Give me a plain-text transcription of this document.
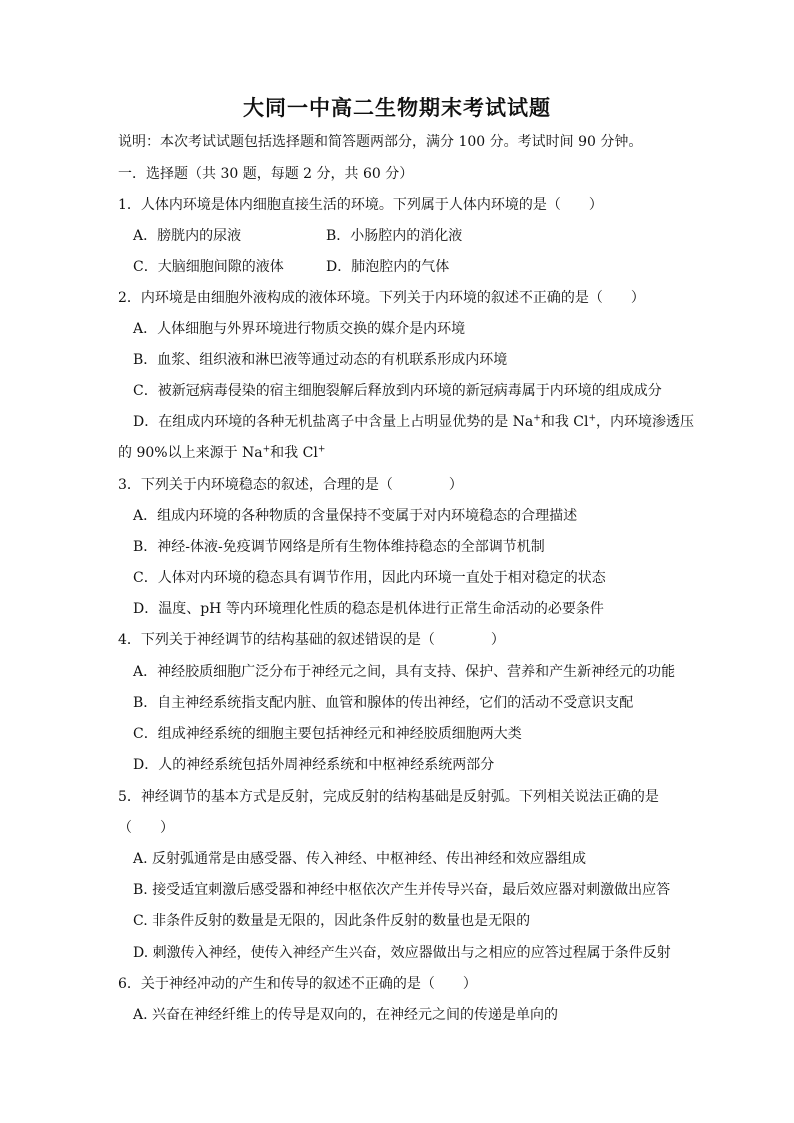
大同一中高二生物期末考试试题
说明：本次考试试题包括选择题和简答题两部分，满分 100 分。考试时间 90 分钟。
一．选择题（共 30 题，每题 2 分，共 60 分）
1．人体内环境是体内细胞直接生活的环境。下列属于人体内环境的是（　　）
A．膀胱内的尿液	B．小肠腔内的消化液
C．大脑细胞间隙的液体	D．肺泡腔内的气体
2．内环境是由细胞外液构成的液体环境。下列关于内环境的叙述不正确的是（　　）
A．人体细胞与外界环境进行物质交换的媒介是内环境
B．血浆、组织液和淋巴液等通过动态的有机联系形成内环境
C．被新冠病毒侵染的宿主细胞裂解后释放到内环境的新冠病毒属于内环境的组成成分
D．在组成内环境的各种无机盐离子中含量上占明显优势的是 Na+和我 Cl+，内环境渗透压
的 90%以上来源于 Na+和我 Cl+
3．下列关于内环境稳态的叙述，合理的是（　　　　）
A．组成内环境的各种物质的含量保持不变属于对内环境稳态的合理描述
B．神经-体液-免疫调节网络是所有生物体维持稳态的全部调节机制
C．人体对内环境的稳态具有调节作用，因此内环境一直处于相对稳定的状态
D．温度、pH 等内环境理化性质的稳态是机体进行正常生命活动的必要条件
4．下列关于神经调节的结构基础的叙述错误的是（　　　　）
A．神经胶质细胞广泛分布于神经元之间，具有支持、保护、营养和产生新神经元的功能
B．自主神经系统指支配内脏、血管和腺体的传出神经，它们的活动不受意识支配
C．组成神经系统的细胞主要包括神经元和神经胶质细胞两大类
D．人的神经系统包括外周神经系统和中枢神经系统两部分
5．神经调节的基本方式是反射，完成反射的结构基础是反射弧。下列相关说法正确的是
（　　）
A. 反射弧通常是由感受器、传入神经、中枢神经、传出神经和效应器组成
B. 接受适宜刺激后感受器和神经中枢依次产生并传导兴奋，最后效应器对刺激做出应答
C. 非条件反射的数量是无限的，因此条件反射的数量也是无限的
D. 刺激传入神经，使传入神经产生兴奋，效应器做出与之相应的应答过程属于条件反射
6．关于神经冲动的产生和传导的叙述不正确的是（　　）
A. 兴奋在神经纤维上的传导是双向的，在神经元之间的传递是单向的
